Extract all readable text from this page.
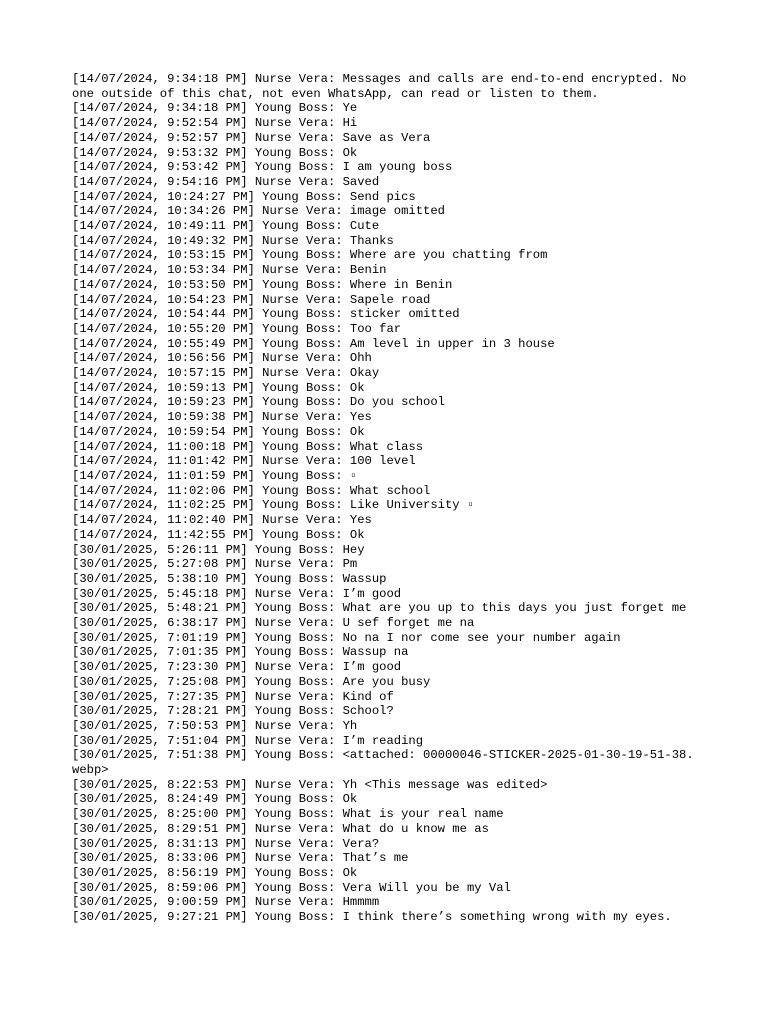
[14/07/2024, 9:34:18 PM] Nurse Vera: Messages and calls are end-to-end encrypted. No one outside of this chat, not even WhatsApp, can read or listen to them.

[14/07/2024, 9:34:18 PM] Young Boss: Ye

[14/07/2024, 9:52:54 PM] Nurse Vera: Hi

[14/07/2024, 9:52:57 PM] Nurse Vera: Save as Vera

[14/07/2024, 9:53:32 PM] Young Boss: Ok

[14/07/2024, 9:53:42 PM] Young Boss: I am young boss

[14/07/2024, 9:54:16 PM] Nurse Vera: Saved

[14/07/2024, 10:24:27 PM] Young Boss: Send pics

[14/07/2024, 10:34:26 PM] Nurse Vera: image omitted

[14/07/2024, 10:49:11 PM] Young Boss: Cute

[14/07/2024, 10:49:32 PM] Nurse Vera: Thanks

[14/07/2024, 10:53:15 PM] Young Boss: Where are you chatting from

[14/07/2024, 10:53:34 PM] Nurse Vera: Benin

[14/07/2024, 10:53:50 PM] Young Boss: Where in Benin

[14/07/2024, 10:54:23 PM] Nurse Vera: Sapele road

[14/07/2024, 10:54:44 PM] Young Boss: sticker omitted

[14/07/2024, 10:55:20 PM] Young Boss: Too far

[14/07/2024, 10:55:49 PM] Young Boss: Am level in upper in 3 house

[14/07/2024, 10:56:56 PM] Nurse Vera: Ohh

[14/07/2024, 10:57:15 PM] Nurse Vera: Okay

[14/07/2024, 10:59:13 PM] Young Boss: Ok

[14/07/2024, 10:59:23 PM] Young Boss: Do you school

[14/07/2024, 10:59:38 PM] Nurse Vera: Yes

[14/07/2024, 10:59:54 PM] Young Boss: Ok

[14/07/2024, 11:00:18 PM] Young Boss: What class

[14/07/2024, 11:01:42 PM] Nurse Vera: 100 level

[14/07/2024, 11:01:59 PM] Young Boss: ▫

[14/07/2024, 11:02:06 PM] Young Boss: What school

[14/07/2024, 11:02:25 PM] Young Boss: Like University ▫

[14/07/2024, 11:02:40 PM] Nurse Vera: Yes

[14/07/2024, 11:42:55 PM] Young Boss: Ok

[30/01/2025, 5:26:11 PM] Young Boss: Hey

[30/01/2025, 5:27:08 PM] Nurse Vera: Pm

[30/01/2025, 5:38:10 PM] Young Boss: Wassup

[30/01/2025, 5:45:18 PM] Nurse Vera: I’m good

[30/01/2025, 5:48:21 PM] Young Boss: What are you up to this days you just forget me

[30/01/2025, 6:38:17 PM] Nurse Vera: U sef forget me na

[30/01/2025, 7:01:19 PM] Young Boss: No na I nor come see your number again

[30/01/2025, 7:01:35 PM] Young Boss: Wassup na

[30/01/2025, 7:23:30 PM] Nurse Vera: I’m good

[30/01/2025, 7:25:08 PM] Young Boss: Are you busy

[30/01/2025, 7:27:35 PM] Nurse Vera: Kind of

[30/01/2025, 7:28:21 PM] Young Boss: School?

[30/01/2025, 7:50:53 PM] Nurse Vera: Yh

[30/01/2025, 7:51:04 PM] Nurse Vera: I’m reading

[30/01/2025, 7:51:38 PM] Young Boss: <attached: 00000046-STICKER-2025-01-30-19-51-38.webp>

[30/01/2025, 8:22:53 PM] Nurse Vera: Yh <This message was edited>

[30/01/2025, 8:24:49 PM] Young Boss: Ok

[30/01/2025, 8:25:00 PM] Young Boss: What is your real name

[30/01/2025, 8:29:51 PM] Nurse Vera: What do u know me as

[30/01/2025, 8:31:13 PM] Nurse Vera: Vera?

[30/01/2025, 8:33:06 PM] Nurse Vera: That’s me

[30/01/2025, 8:56:19 PM] Young Boss: Ok

[30/01/2025, 8:59:06 PM] Young Boss: Vera Will you be my Val

[30/01/2025, 9:00:59 PM] Nurse Vera: Hmmmm

[30/01/2025, 9:27:21 PM] Young Boss: I think there’s something wrong with my eyes.
